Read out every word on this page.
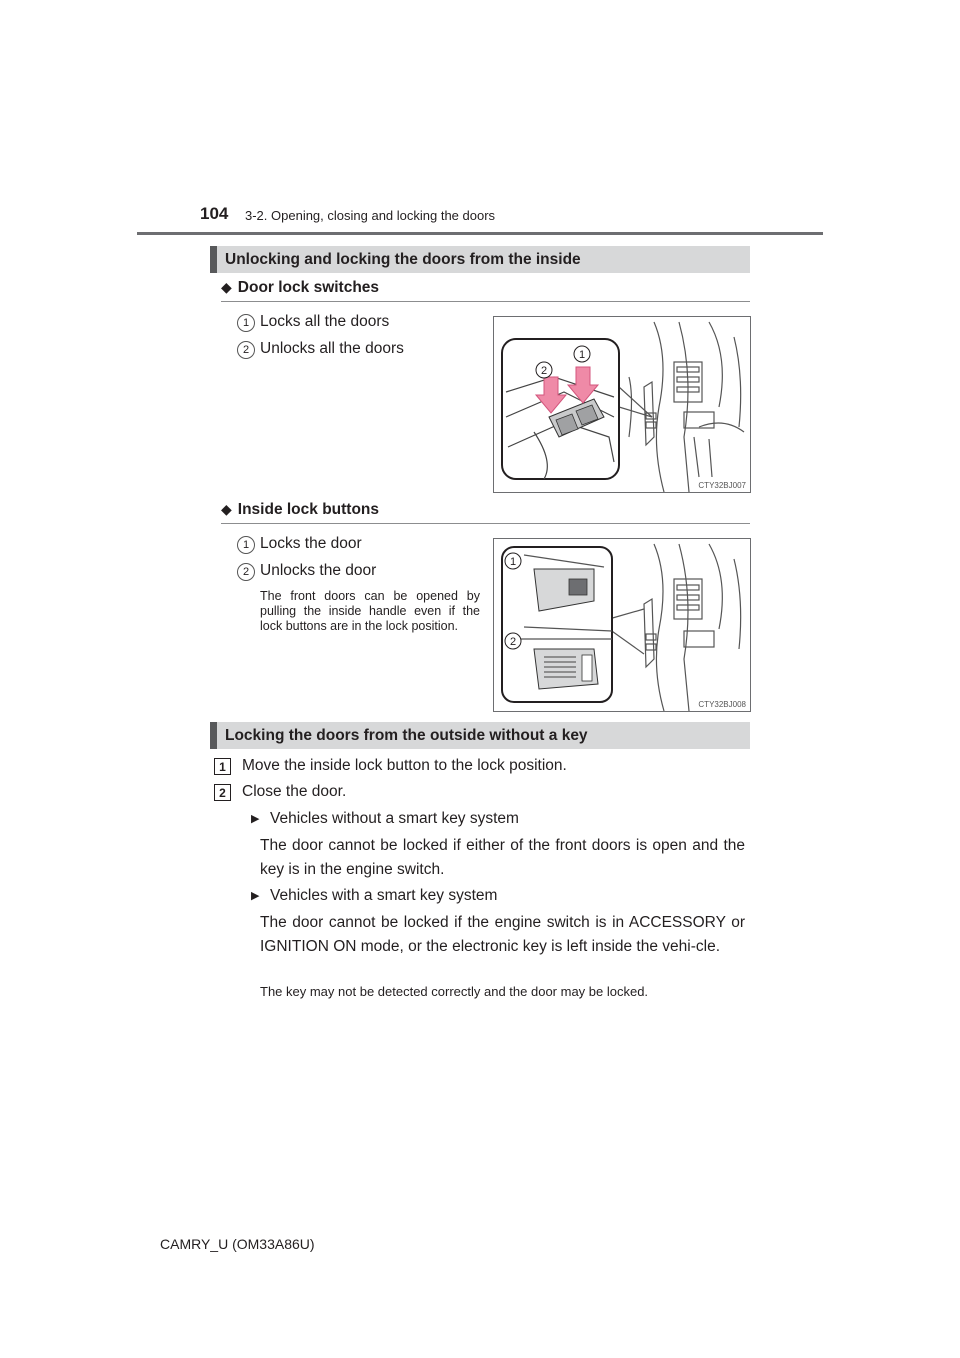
104 3-2. Opening, closing and locking the doors
Unlocking and locking the doors from the inside
◆ Door lock switches
1 Locks all the doors
2 Unlocks all the doors
2
1
CTY32BJ007
◆ Inside lock buttons
1 Locks the door
2 Unlocks the door
The front doors can be opened by pulling the inside handle even if the lock buttons are in the lock position.
1
2
CTY32BJ008
Locking the doors from the outside without a key
1	Move the inside lock button to the lock position.
2	Close the door.
▶ Vehicles without a smart key system
The door cannot be locked if either of the front doors is open and the key is in the engine switch.
▶ Vehicles with a smart key system
The door cannot be locked if the engine switch is in ACCESSORY or IGNITION ON mode, or the electronic key is left inside the vehi-cle.
The key may not be detected correctly and the door may be locked.
CAMRY_U (OM33A86U)
